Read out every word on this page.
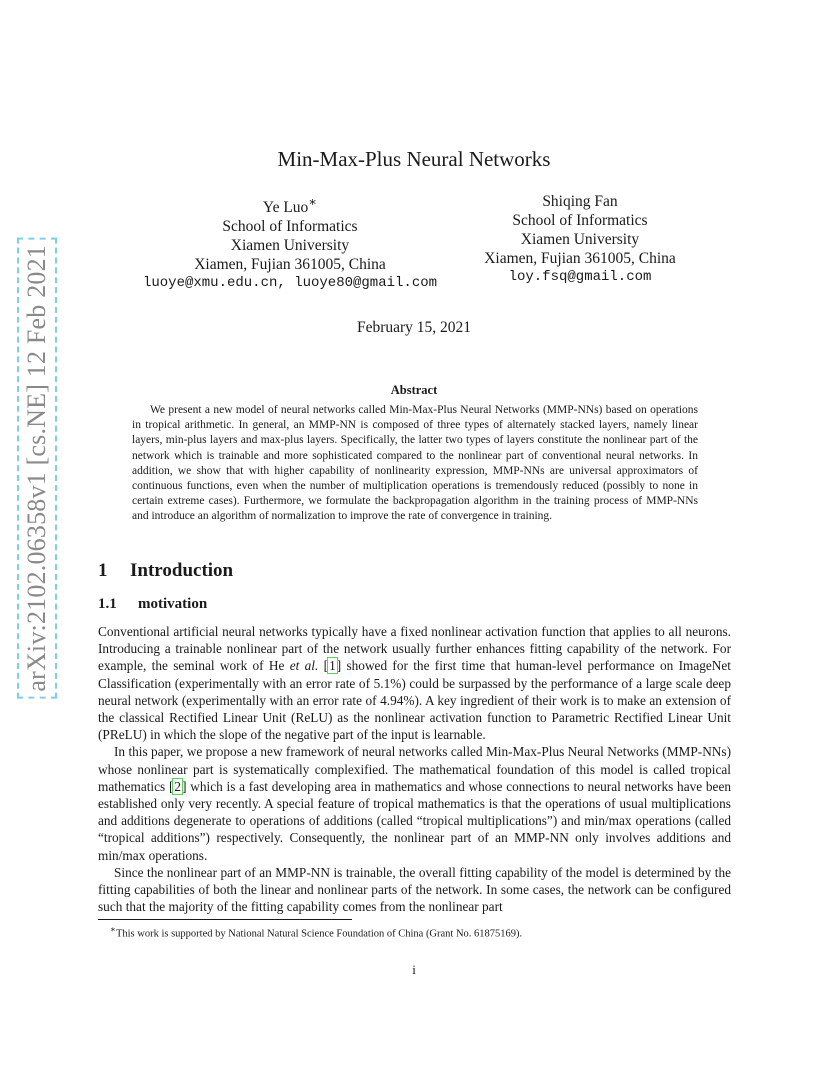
arXiv:2102.06358v1 [cs.NE] 12 Feb 2021
Min-Max-Plus Neural Networks
Ye Luo∗
School of Informatics
Xiamen University
Xiamen, Fujian 361005, China
luoye@xmu.edu.cn, luoye80@gmail.com
Shiqing Fan
School of Informatics
Xiamen University
Xiamen, Fujian 361005, China
loy.fsq@gmail.com
February 15, 2021
Abstract
We present a new model of neural networks called Min-Max-Plus Neural Networks (MMP-NNs) based on operations in tropical arithmetic. In general, an MMP-NN is composed of three types of alternately stacked layers, namely linear layers, min-plus layers and max-plus layers. Specifically, the latter two types of layers constitute the nonlinear part of the network which is trainable and more sophisticated compared to the nonlinear part of conventional neural networks. In addition, we show that with higher capability of nonlinearity expression, MMP-NNs are universal approximators of continuous functions, even when the number of multiplication operations is tremendously reduced (possibly to none in certain extreme cases). Furthermore, we formulate the backpropagation algorithm in the training process of MMP-NNs and introduce an algorithm of normalization to improve the rate of convergence in training.
1 Introduction
1.1 motivation

Conventional artificial neural networks typically have a fixed nonlinear activation function that applies to all neurons. Introducing a trainable nonlinear part of the network usually further enhances fitting capability of the network. For example, the seminal work of He et al. [1] showed for the first time that human-level performance on ImageNet Classification (experimentally with an error rate of 5.1%) could be surpassed by the performance of a large scale deep neural network (experimentally with an error rate of 4.94%). A key ingredient of their work is to make an extension of the classical Rectified Linear Unit (ReLU) as the nonlinear activation function to Parametric Rectified Linear Unit (PReLU) in which the slope of the negative part of the input is learnable.

In this paper, we propose a new framework of neural networks called Min-Max-Plus Neural Networks (MMP-NNs) whose nonlinear part is systematically complexified. The mathematical foundation of this model is called tropical mathematics [2] which is a fast developing area in mathematics and whose connections to neural networks have been established only very recently. A special feature of tropical mathematics is that the operations of usual multiplications and additions degenerate to operations of additions (called “tropical multiplications”) and min/max operations (called “tropical additions”) respectively. Consequently, the nonlinear part of an MMP-NN only involves additions and min/max operations.

Since the nonlinear part of an MMP-NN is trainable, the overall fitting capability of the model is determined by the fitting capabilities of both the linear and nonlinear parts of the network. In some cases, the network can be configured such that the majority of the fitting capability comes from the nonlinear part

∗This work is supported by National Natural Science Foundation of China (Grant No. 61875169).
i
